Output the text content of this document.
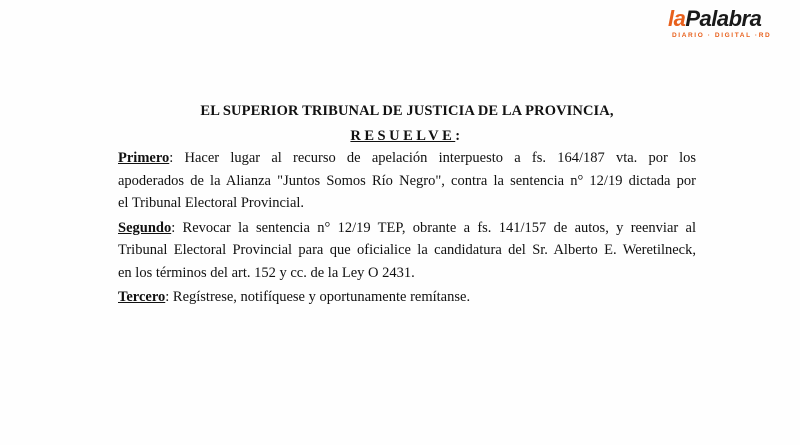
laPalabra
DIARIO · DIGITAL ·RD

EL SUPERIOR TRIBUNAL DE JUSTICIA DE LA PROVINCIA,

RESUELVE:

Primero: Hacer lugar al recurso de apelación interpuesto a fs. 164/187 vta. por los
apoderados de la Alianza "Juntos Somos Río Negro", contra la sentencia n° 12/19 dictada por
el Tribunal Electoral Provincial.

Segundo: Revocar la sentencia n° 12/19 TEP, obrante a fs. 141/157 de autos, y reenviar al
Tribunal Electoral Provincial para que oficialice la candidatura del Sr. Alberto E. Weretilneck,
en los términos del art. 152 y cc. de la Ley O 2431.

Tercero: Regístrese, notifíquese y oportunamente remítanse.
